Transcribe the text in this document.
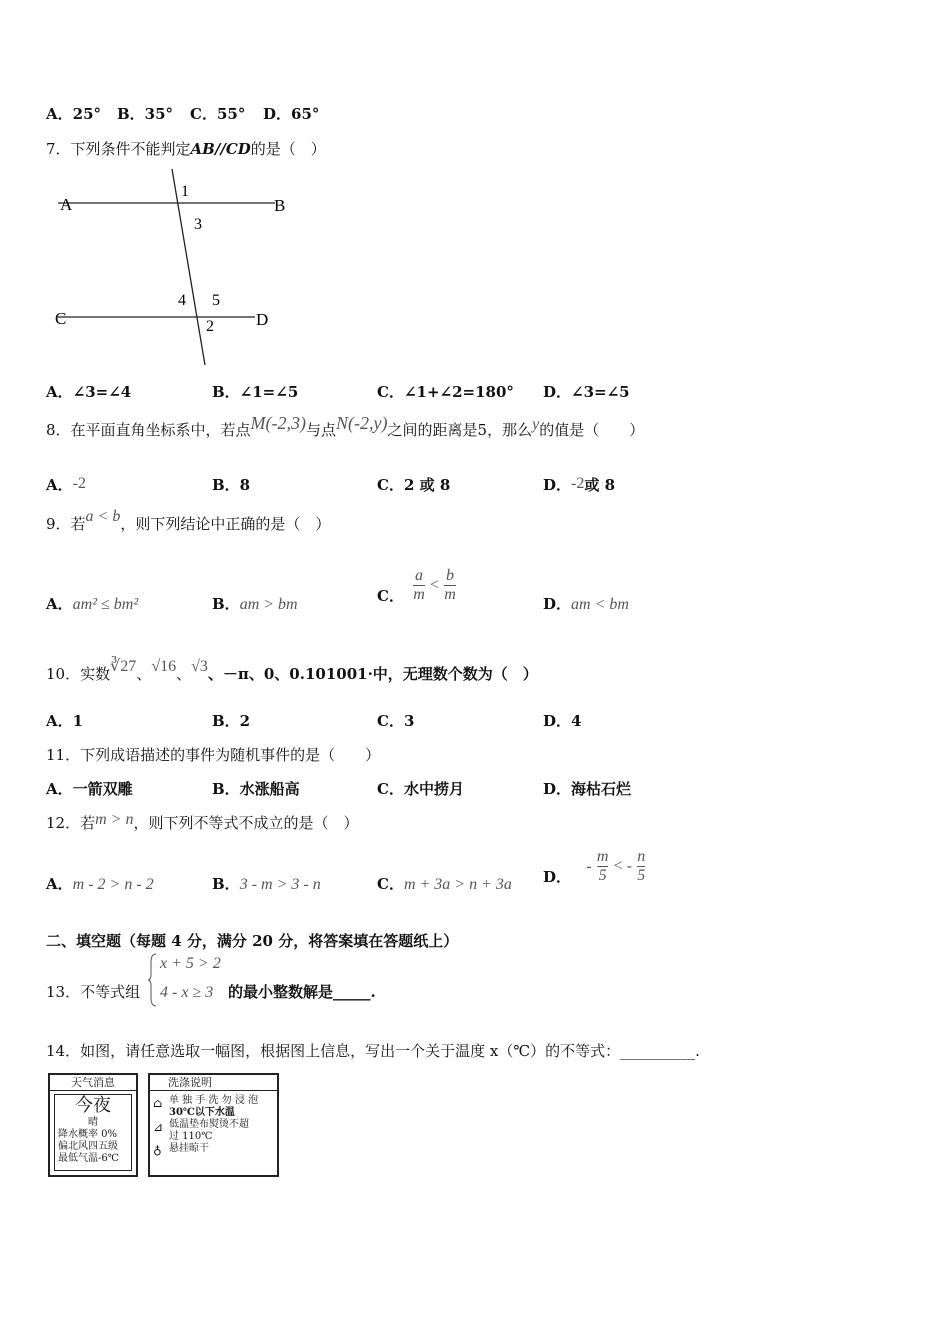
A．25° B．35° C．55° D．65°
7．下列条件不能判定AB//CD的是（　）
A	B
C	D
1
3
4 5
2
A．∠3=∠4	B．∠1=∠5	C．∠1+∠2=180° D．∠3=∠5
8．在平面直角坐标系中，若点M(-2,3)与点N(-2,y)之间的距离是5，那么y的值是（　　）
A．-2	B．8	C．2 或 8	D．-2或 8
9．若a < b，则下列结论中正确的是（　）
A．am² ≤ bm²	B．am > bm	C． $\frac{a}{m} < \frac{b}{m}$	D．am < bm
10．实数∛27、√16、√3、－π、0、0.101001·中，无理数个数为（　）
A．1	B．2	C．3	D．4
11．下列成语描述的事件为随机事件的是（　　）
A．一箭双雕	B．水涨船高	C．水中捞月	D．海枯石烂
12．若m > n，则下列不等式不成立的是（　）
A．m - 2 > n - 2	B．3 - m > 3 - n	C．m + 3a > n + 3a D． - $\frac{m}{5}$ < - $\frac{n}{5}$
二、填空题（每题 4 分，满分 20 分，将答案填在答题纸上）
13．不等式组
x + 5 > 2
4 - x ≥ 3 的最小整数解是_____.
14．如图，请任意选取一幅图，根据图上信息，写出一个关于温度 x（℃）的不等式：__________.
天气消息
今夜
晴
降水概率 0%
偏北风四五级
最低气温-6℃
洗涤说明
⌂ 单 独 手 洗 勿 浸 泡
30℃以下水温
⊿ 低温垫布熨烫不超
过 110℃
♁ 悬挂晾干
